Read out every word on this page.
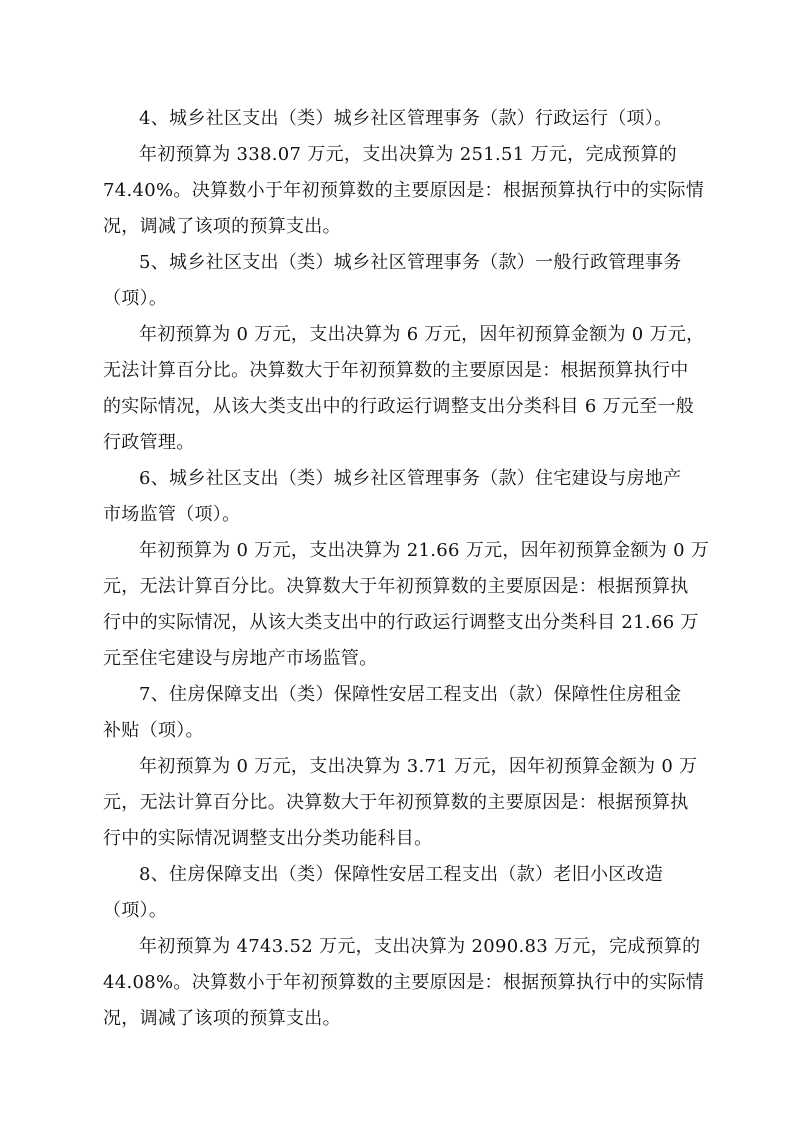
4、城乡社区支出（类）城乡社区管理事务（款）行政运行（项）。
年初预算为 338.07 万元，支出决算为 251.51 万元，完成预算的
74.40%。决算数小于年初预算数的主要原因是：根据预算执行中的实际情
况，调减了该项的预算支出。
5、城乡社区支出（类）城乡社区管理事务（款）一般行政管理事务
（项）。
年初预算为 0 万元，支出决算为 6 万元，因年初预算金额为 0 万元，
无法计算百分比。决算数大于年初预算数的主要原因是：根据预算执行中
的实际情况，从该大类支出中的行政运行调整支出分类科目 6 万元至一般
行政管理。
6、城乡社区支出（类）城乡社区管理事务（款）住宅建设与房地产
市场监管（项）。
年初预算为 0 万元，支出决算为 21.66 万元，因年初预算金额为 0 万
元，无法计算百分比。决算数大于年初预算数的主要原因是：根据预算执
行中的实际情况，从该大类支出中的行政运行调整支出分类科目 21.66 万
元至住宅建设与房地产市场监管。
7、住房保障支出（类）保障性安居工程支出（款）保障性住房租金
补贴（项）。
年初预算为 0 万元，支出决算为 3.71 万元，因年初预算金额为 0 万
元，无法计算百分比。决算数大于年初预算数的主要原因是：根据预算执
行中的实际情况调整支出分类功能科目。
8、住房保障支出（类）保障性安居工程支出（款）老旧小区改造
（项）。
年初预算为 4743.52 万元，支出决算为 2090.83 万元，完成预算的
44.08%。决算数小于年初预算数的主要原因是：根据预算执行中的实际情
况，调减了该项的预算支出。
